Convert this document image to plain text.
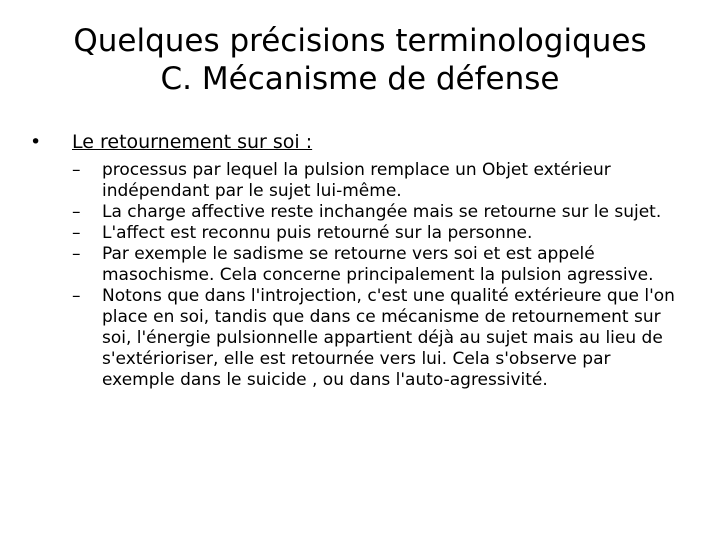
Quelques précisions terminologiques
C. Mécanisme de défense
•	Le retournement sur soi :
– processus par lequel la pulsion remplace un Objet extérieur indépendant par le sujet lui-même.
– La charge affective reste inchangée mais se retourne sur le sujet.
– L'affect est reconnu puis retourné sur la personne.
– Par exemple le sadisme se retourne vers soi et est appelé masochisme. Cela concerne principalement la pulsion agressive.
– Notons que dans l'introjection, c'est une qualité extérieure que l'on place en soi, tandis que dans ce mécanisme de retournement sur soi, l'énergie pulsionnelle appartient déjà au sujet mais au lieu de s'extérioriser, elle est retournée vers lui. Cela s'observe par exemple dans le suicide , ou dans l'auto-agressivité.
